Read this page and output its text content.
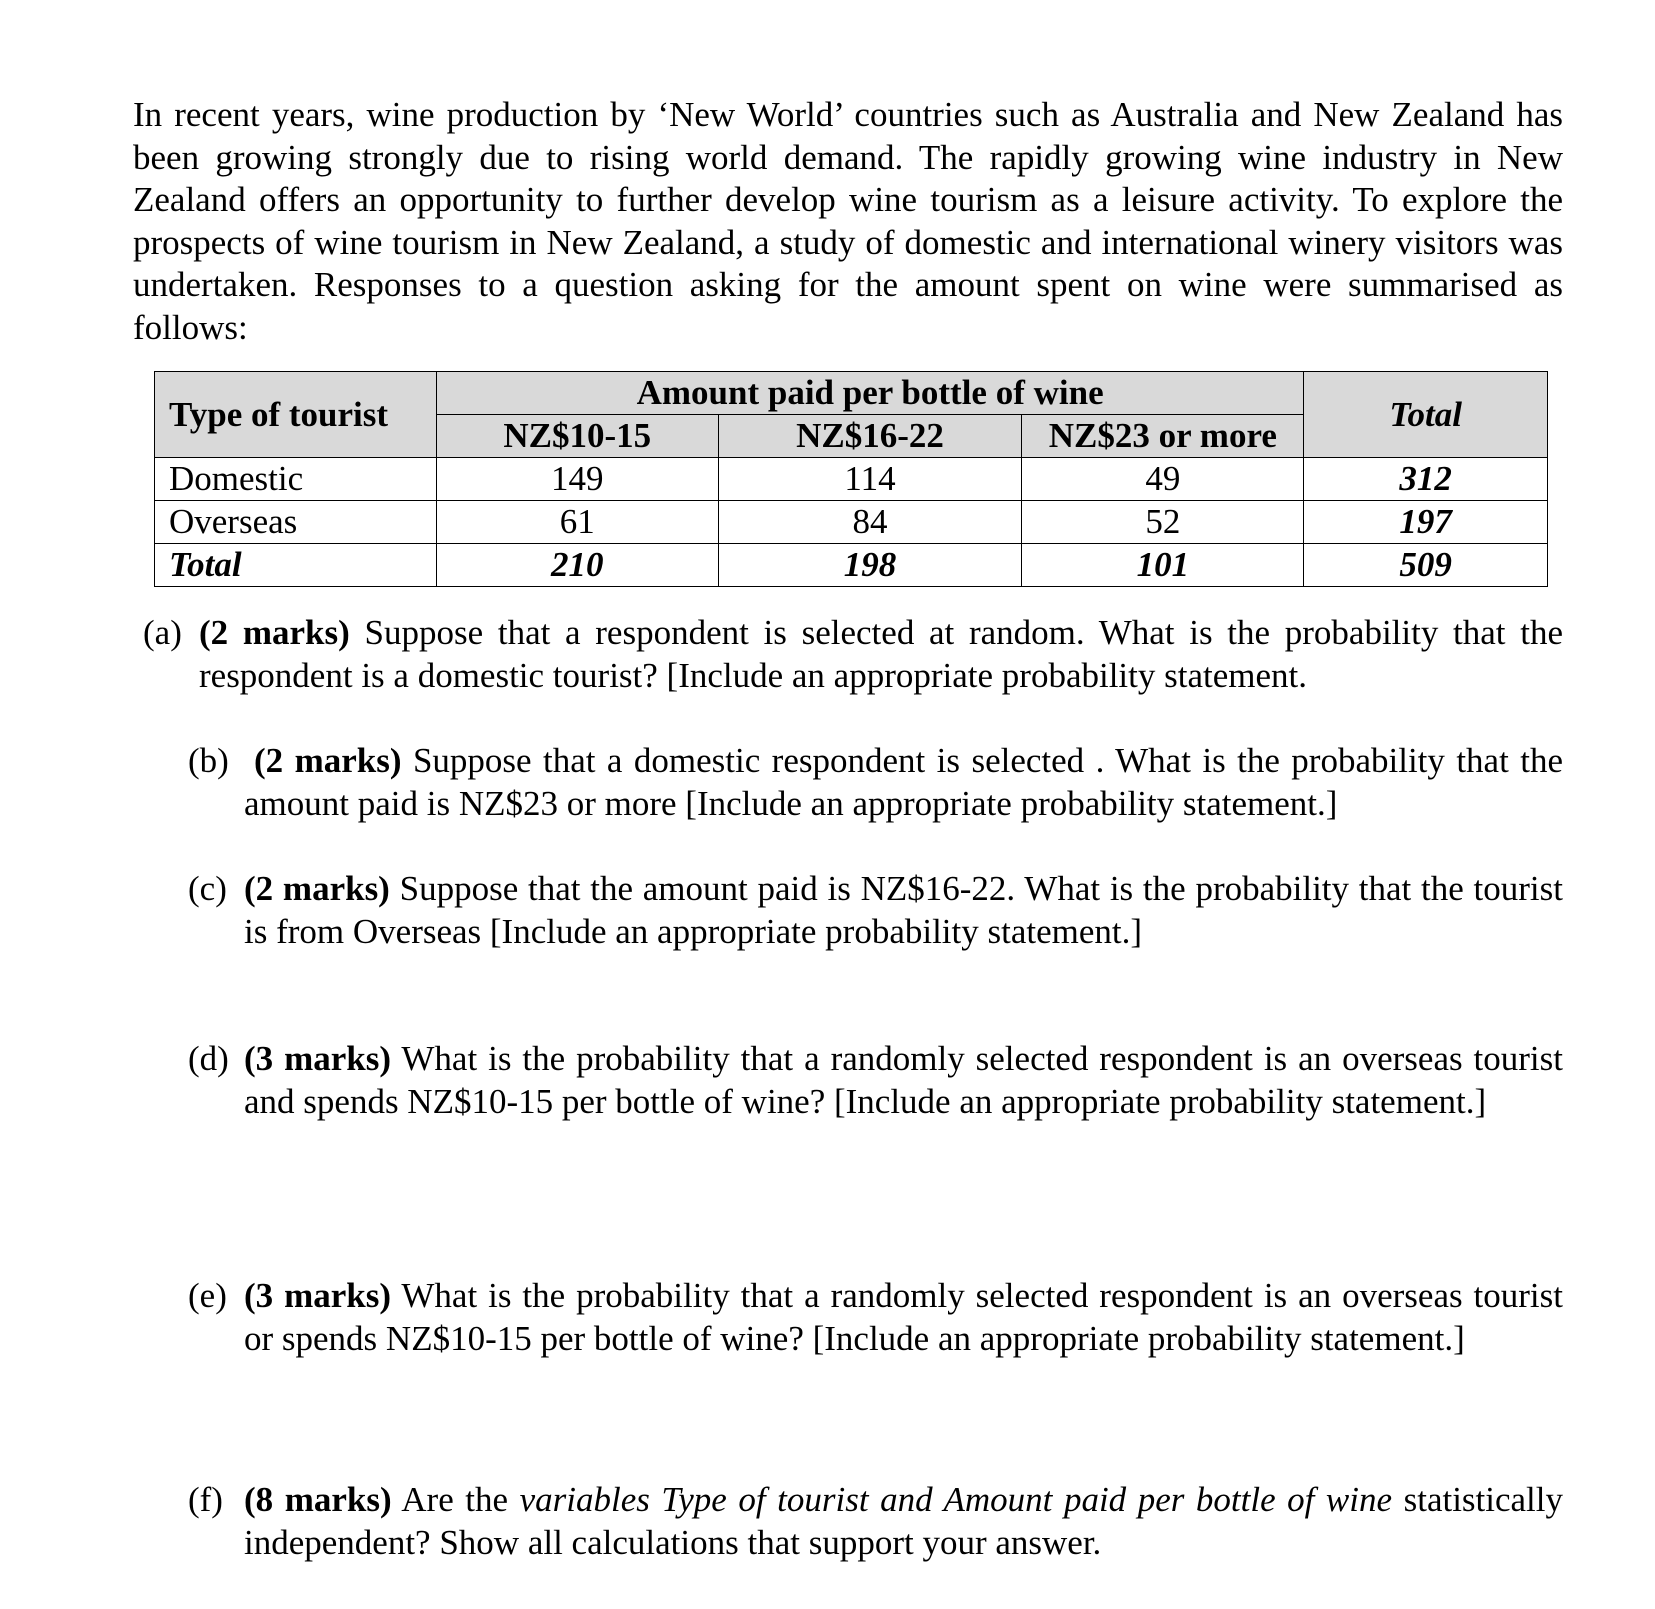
In recent years, wine production by ‘New World’ countries such as Australia and New Zealand has been growing strongly due to rising world demand. The rapidly growing wine industry in New Zealand offers an opportunity to further develop wine tourism as a leisure activity. To explore the prospects of wine tourism in New Zealand, a study of domestic and international winery visitors was undertaken. Responses to a question asking for the amount spent on wine were summarised as follows:

Type of tourist	Amount paid per bottle of wine			Total
	NZ$10-15	NZ$16-22	NZ$23 or more	
Domestic	149	114	49	312
Overseas	61	84	52	197
Total	210	198	101	509
(a) (2 marks) Suppose that a respondent is selected at random. What is the probability that the respondent is a domestic tourist? [Include an appropriate probability statement.
(b) (2 marks) Suppose that a domestic respondent is selected . What is the probability that the amount paid is NZ$23 or more [Include an appropriate probability statement.]
(c) (2 marks) Suppose that the amount paid is NZ$16-22. What is the probability that the tourist is from Overseas [Include an appropriate probability statement.]
(d) (3 marks) What is the probability that a randomly selected respondent is an overseas tourist and spends NZ$10-15 per bottle of wine? [Include an appropriate probability statement.]
(e) (3 marks) What is the probability that a randomly selected respondent is an overseas tourist or spends NZ$10-15 per bottle of wine? [Include an appropriate probability statement.]
(f) (8 marks) Are the variables Type of tourist and Amount paid per bottle of wine statistically independent? Show all calculations that support your answer.
